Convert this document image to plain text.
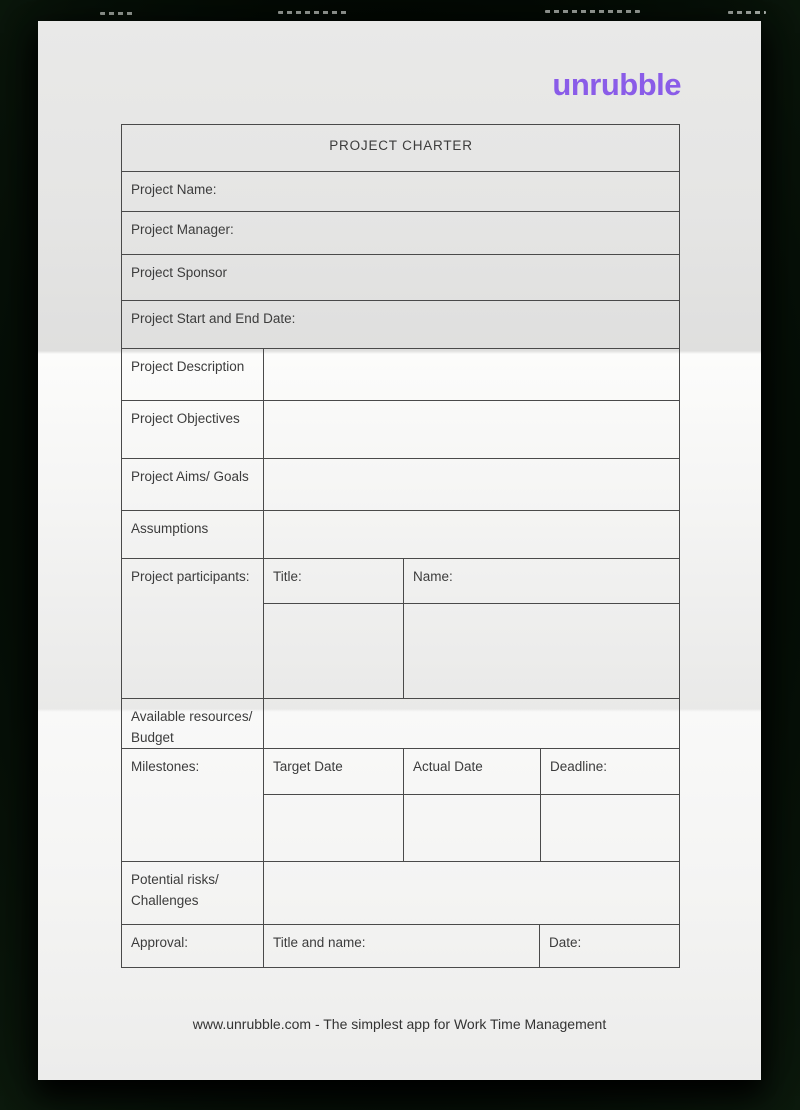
unrubble
PROJECT CHARTER
Project Name:
Project Manager:
Project Sponsor
Project Start and End Date:
Project Description
Project Objectives
Project Aims/ Goals
Assumptions
Project participants:	Title:	Name:
Available resources/ Budget
Milestones:	Target Date	Actual Date	Deadline:
Potential risks/ Challenges
Approval:	Title and name:	Date:
www.unrubble.com - The simplest app for Work Time Management
